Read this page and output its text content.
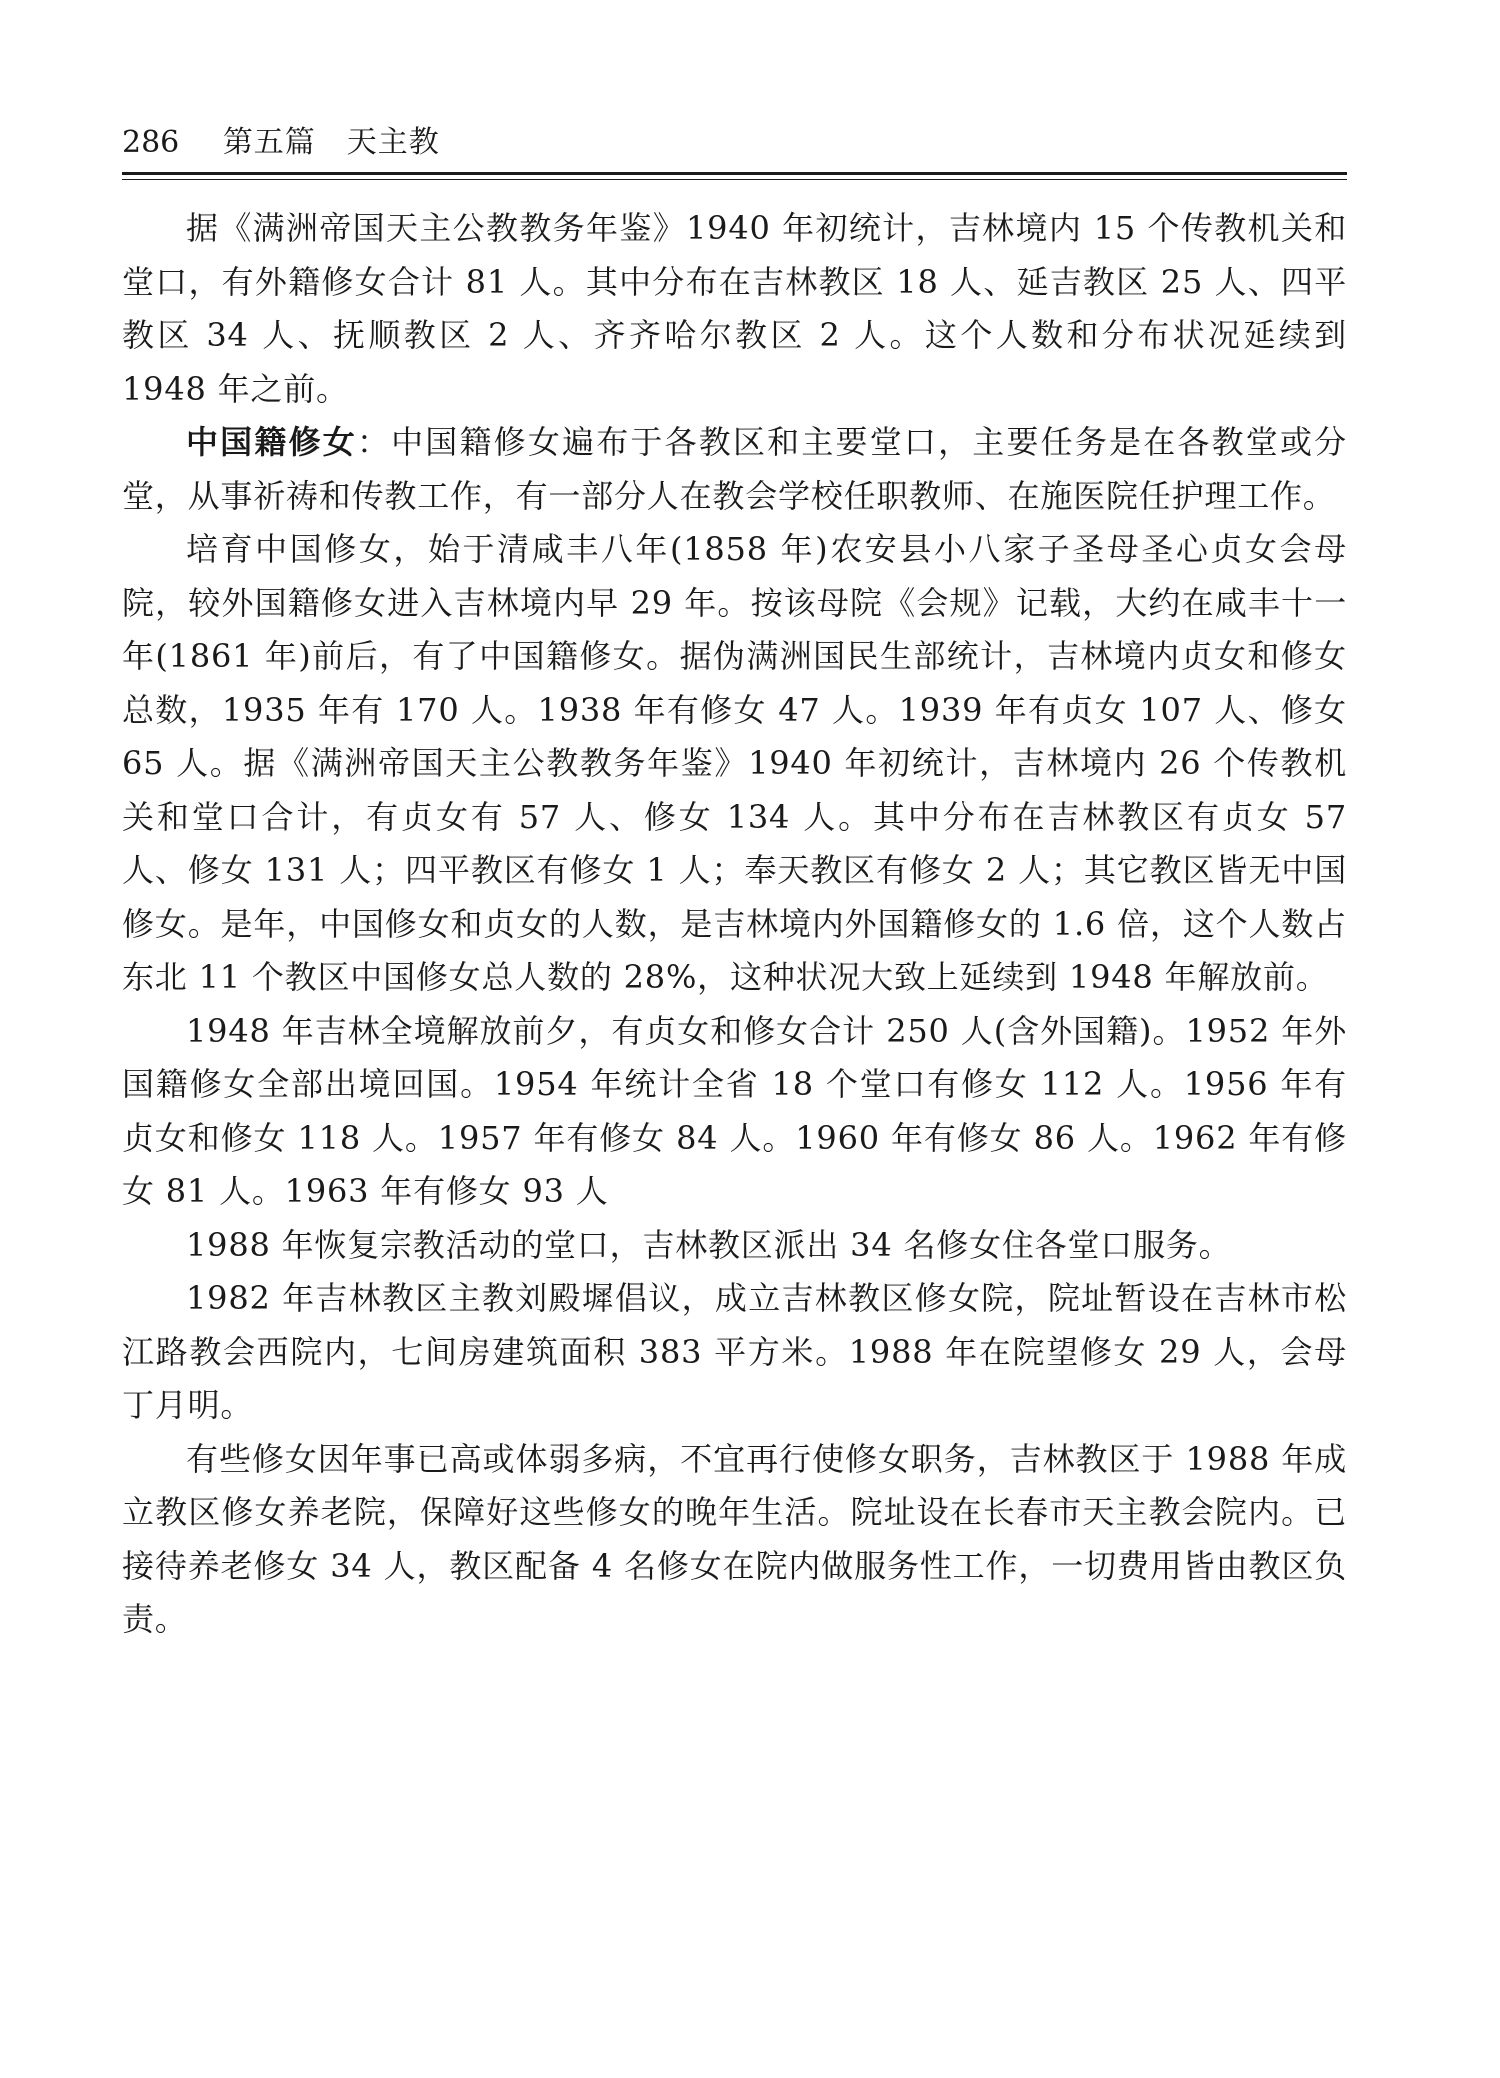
286 第五篇　天主教

据《满洲帝国天主公教教务年鉴》1940 年初统计，吉林境内 15 个传教机关和堂口，有外籍修女合计 81 人。其中分布在吉林教区 18 人、延吉教区 25 人、四平教区 34 人、抚顺教区 2 人、齐齐哈尔教区 2 人。这个人数和分布状况延续到 1948 年之前。

中国籍修女：中国籍修女遍布于各教区和主要堂口，主要任务是在各教堂或分堂，从事祈祷和传教工作，有一部分人在教会学校任职教师、在施医院任护理工作。

培育中国修女，始于清咸丰八年(1858 年)农安县小八家子圣母圣心贞女会母院，较外国籍修女进入吉林境内早 29 年。按该母院《会规》记载，大约在咸丰十一年(1861 年)前后，有了中国籍修女。据伪满洲国民生部统计，吉林境内贞女和修女总数，1935 年有 170 人。1938 年有修女 47 人。1939 年有贞女 107 人、修女 65 人。据《满洲帝国天主公教教务年鉴》1940 年初统计，吉林境内 26 个传教机关和堂口合计，有贞女有 57 人、修女 134 人。其中分布在吉林教区有贞女 57 人、修女 131 人；四平教区有修女 1 人；奉天教区有修女 2 人；其它教区皆无中国修女。是年，中国修女和贞女的人数，是吉林境内外国籍修女的 1.6 倍，这个人数占东北 11 个教区中国修女总人数的 28%，这种状况大致上延续到 1948 年解放前。

1948 年吉林全境解放前夕，有贞女和修女合计 250 人(含外国籍)。1952 年外国籍修女全部出境回国。1954 年统计全省 18 个堂口有修女 112 人。1956 年有贞女和修女 118 人。1957 年有修女 84 人。1960 年有修女 86 人。1962 年有修女 81 人。1963 年有修女 93 人

1988 年恢复宗教活动的堂口，吉林教区派出 34 名修女住各堂口服务。

1982 年吉林教区主教刘殿墀倡议，成立吉林教区修女院，院址暂设在吉林市松江路教会西院内，七间房建筑面积 383 平方米。1988 年在院望修女 29 人，会母丁月明。

有些修女因年事已高或体弱多病，不宜再行使修女职务，吉林教区于 1988 年成立教区修女养老院，保障好这些修女的晚年生活。院址设在长春市天主教会院内。已接待养老修女 34 人，教区配备 4 名修女在院内做服务性工作，一切费用皆由教区负责。
